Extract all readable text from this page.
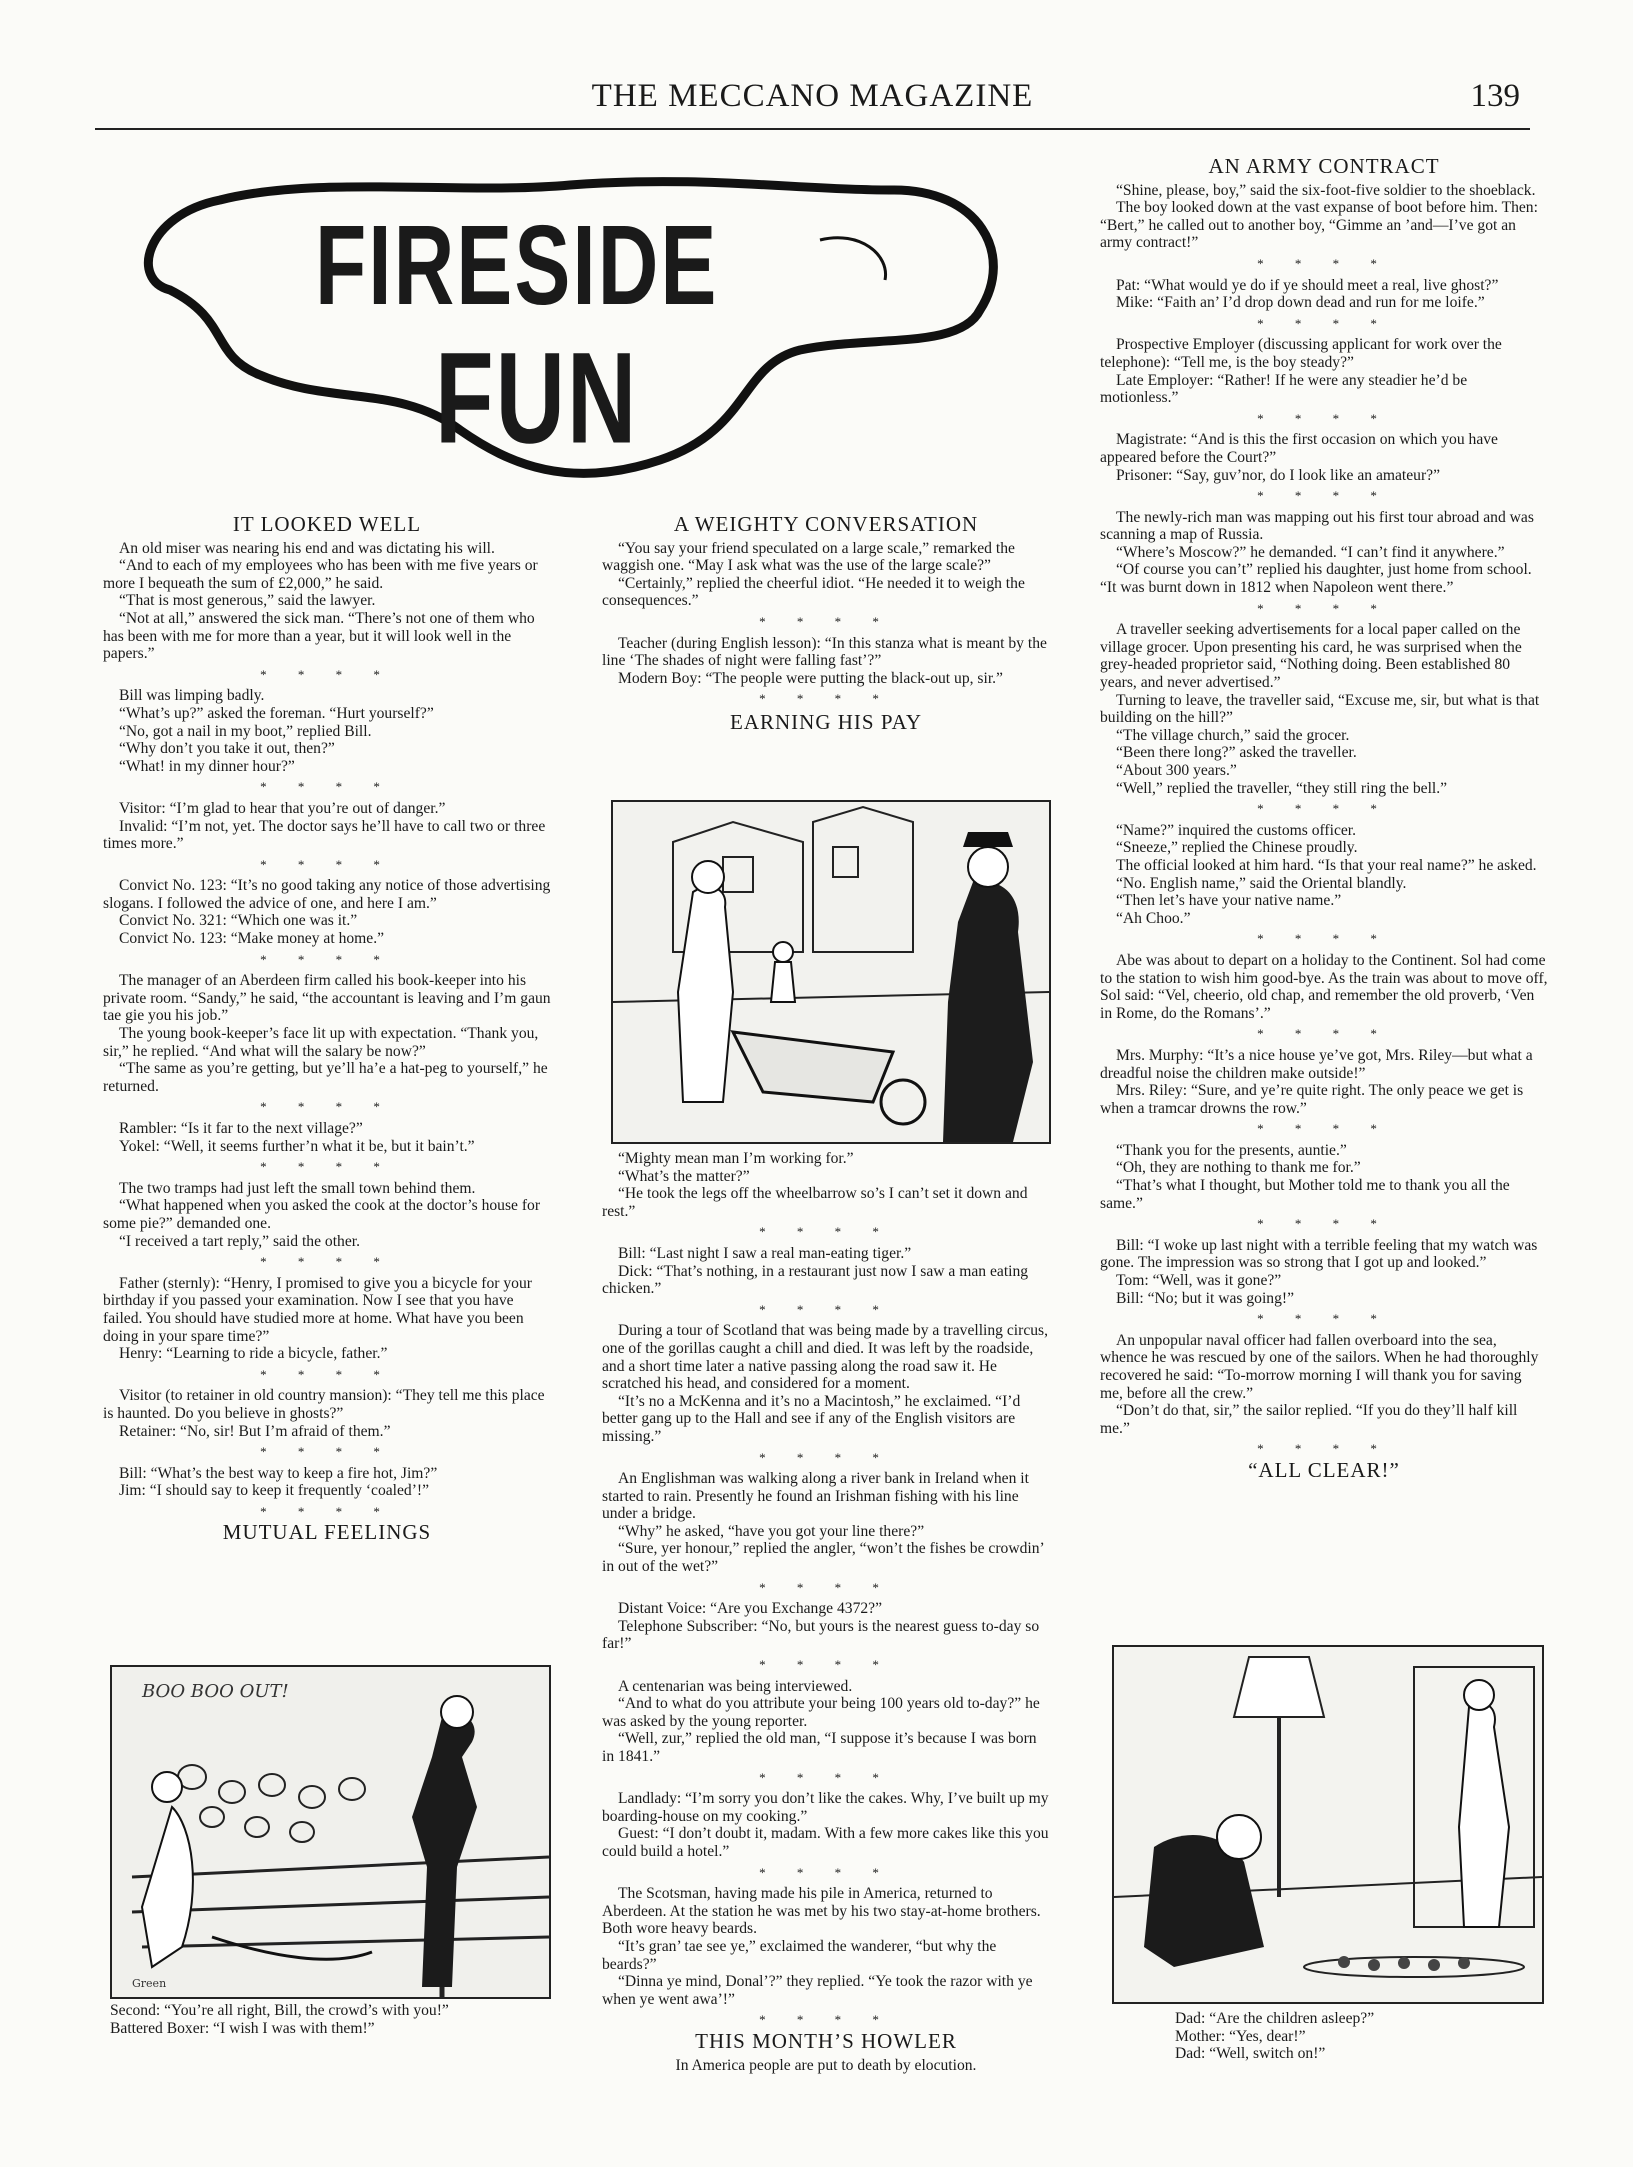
THE MECCANO MAGAZINE	139
FIRESIDE
FUN
IT LOOKED WELL

An old miser was nearing his end and was dictating his will.

“And to each of my employees who has been with me five years or more I bequeath the sum of £2,000,” he said.

“That is most generous,” said the lawyer.

“Not at all,” answered the sick man. “There’s not one of them who has been with me for more than a year, but it will look well in the papers.”

* * * *

Bill was limping badly.

“What’s up?” asked the foreman. “Hurt yourself?”

“No, got a nail in my boot,” replied Bill.

“Why don’t you take it out, then?”

“What! in my dinner hour?”

* * * *

Visitor: “I’m glad to hear that you’re out of danger.”

Invalid: “I’m not, yet. The doctor says he’ll have to call two or three times more.”

* * * *

Convict No. 123: “It’s no good taking any notice of those advertising slogans. I followed the advice of one, and here I am.”

Convict No. 321: “Which one was it.”

Convict No. 123: “Make money at home.”

* * * *

The manager of an Aberdeen firm called his book-keeper into his private room. “Sandy,” he said, “the accountant is leaving and I’m gaun tae gie you his job.”

The young book-keeper’s face lit up with expectation. “Thank you, sir,” he replied. “And what will the salary be now?”

“The same as you’re getting, but ye’ll ha’e a hat-peg to yourself,” he returned.

* * * *

Rambler: “Is it far to the next village?”

Yokel: “Well, it seems further’n what it be, but it bain’t.”

* * * *

The two tramps had just left the small town behind them.

“What happened when you asked the cook at the doctor’s house for some pie?” demanded one.

“I received a tart reply,” said the other.

* * * *

Father (sternly): “Henry, I promised to give you a bicycle for your birthday if you passed your examination. Now I see that you have failed. You should have studied more at home. What have you been doing in your spare time?”

Henry: “Learning to ride a bicycle, father.”

* * * *

Visitor (to retainer in old country mansion): “They tell me this place is haunted. Do you believe in ghosts?”

Retainer: “No, sir! But I’m afraid of them.”

* * * *

Bill: “What’s the best way to keep a fire hot, Jim?”

Jim: “I should say to keep it frequently ‘coaled’!”

* * * *
MUTUAL FEELINGS
BOO BOO OUT!
Green
Second: “You’re all right, Bill, the crowd’s with you!”
Battered Boxer: “I wish I was with them!”
A WEIGHTY CONVERSATION

“You say your friend speculated on a large scale,” remarked the waggish one. “May I ask what was the use of the large scale?”

“Certainly,” replied the cheerful idiot. “He needed it to weigh the consequences.”

* * * *

Teacher (during English lesson): “In this stanza what is meant by the line ‘The shades of night were falling fast’?”

Modern Boy: “The people were putting the black-out up, sir.”

* * * *
EARNING HIS PAY

“Mighty mean man I’m working for.”

“What’s the matter?”

“He took the legs off the wheelbarrow so’s I can’t set it down and rest.”

* * * *

Bill: “Last night I saw a real man-eating tiger.”

Dick: “That’s nothing, in a restaurant just now I saw a man eating chicken.”

* * * *

During a tour of Scotland that was being made by a travelling circus, one of the gorillas caught a chill and died. It was left by the roadside, and a short time later a native passing along the road saw it. He scratched his head, and considered for a moment.

“It’s no a McKenna and it’s no a Macintosh,” he exclaimed. “I’d better gang up to the Hall and see if any of the English visitors are missing.”

* * * *

An Englishman was walking along a river bank in Ireland when it started to rain. Presently he found an Irishman fishing with his line under a bridge.

“Why” he asked, “have you got your line there?”

“Sure, yer honour,” replied the angler, “won’t the fishes be crowdin’ in out of the wet?”

* * * *

Distant Voice: “Are you Exchange 4372?”

Telephone Subscriber: “No, but yours is the nearest guess to-day so far!”

* * * *

A centenarian was being interviewed.

“And to what do you attribute your being 100 years old to-day?” he was asked by the young reporter.

“Well, zur,” replied the old man, “I suppose it’s because I was born in 1841.”

* * * *

Landlady: “I’m sorry you don’t like the cakes. Why, I’ve built up my boarding-house on my cooking.”

Guest: “I don’t doubt it, madam. With a few more cakes like this you could build a hotel.”

* * * *

The Scotsman, having made his pile in America, returned to Aberdeen. At the station he was met by his two stay-at-home brothers. Both wore heavy beards.

“It’s gran’ tae see ye,” exclaimed the wanderer, “but why the beards?”

“Dinna ye mind, Donal’?” they replied. “Ye took the razor with ye when ye went awa’!”

* * * *
THIS MONTH’S HOWLER

In America people are put to death by elocution.

AN ARMY CONTRACT

“Shine, please, boy,” said the six-foot-five soldier to the shoeblack.

The boy looked down at the vast expanse of boot before him. Then: “Bert,” he called out to another boy, “Gimme an ’and—I’ve got an army contract!”

* * * *

Pat: “What would ye do if ye should meet a real, live ghost?”

Mike: “Faith an’ I’d drop down dead and run for me loife.”

* * * *

Prospective Employer (discussing applicant for work over the telephone): “Tell me, is the boy steady?”

Late Employer: “Rather! If he were any steadier he’d be motionless.”

* * * *

Magistrate: “And is this the first occasion on which you have appeared before the Court?”

Prisoner: “Say, guv’nor, do I look like an amateur?”

* * * *

The newly-rich man was mapping out his first tour abroad and was scanning a map of Russia.

“Where’s Moscow?” he demanded. “I can’t find it anywhere.”

“Of course you can’t” replied his daughter, just home from school. “It was burnt down in 1812 when Napoleon went there.”

* * * *

A traveller seeking advertisements for a local paper called on the village grocer. Upon presenting his card, he was surprised when the grey-headed proprietor said, “Nothing doing. Been established 80 years, and never advertised.”

Turning to leave, the traveller said, “Excuse me, sir, but what is that building on the hill?”

“The village church,” said the grocer.

“Been there long?” asked the traveller.

“About 300 years.”

“Well,” replied the traveller, “they still ring the bell.”

* * * *

“Name?” inquired the customs officer.

“Sneeze,” replied the Chinese proudly.

The official looked at him hard. “Is that your real name?” he asked.

“No. English name,” said the Oriental blandly.

“Then let’s have your native name.”

“Ah Choo.”

* * * *

Abe was about to depart on a holiday to the Continent. Sol had come to the station to wish him good-bye. As the train was about to move off, Sol said: “Vel, cheerio, old chap, and remember the old proverb, ‘Ven in Rome, do the Romans’.”

* * * *

Mrs. Murphy: “It’s a nice house ye’ve got, Mrs. Riley—but what a dreadful noise the children make outside!”

Mrs. Riley: “Sure, and ye’re quite right. The only peace we get is when a tramcar drowns the row.”

* * * *

“Thank you for the presents, auntie.”

“Oh, they are nothing to thank me for.”

“That’s what I thought, but Mother told me to thank you all the same.”

* * * *

Bill: “I woke up last night with a terrible feeling that my watch was gone. The impression was so strong that I got up and looked.”

Tom: “Well, was it gone?”

Bill: “No; but it was going!”

* * * *

An unpopular naval officer had fallen overboard into the sea, whence he was rescued by one of the sailors. When he had thoroughly recovered he said: “To-morrow morning I will thank you for saving me, before all the crew.”

“Don’t do that, sir,” the sailor replied. “If you do they’ll half kill me.”

* * * *
“ALL CLEAR!”
Dad: “Are the children asleep?”
Mother: “Yes, dear!”
Dad: “Well, switch on!”
